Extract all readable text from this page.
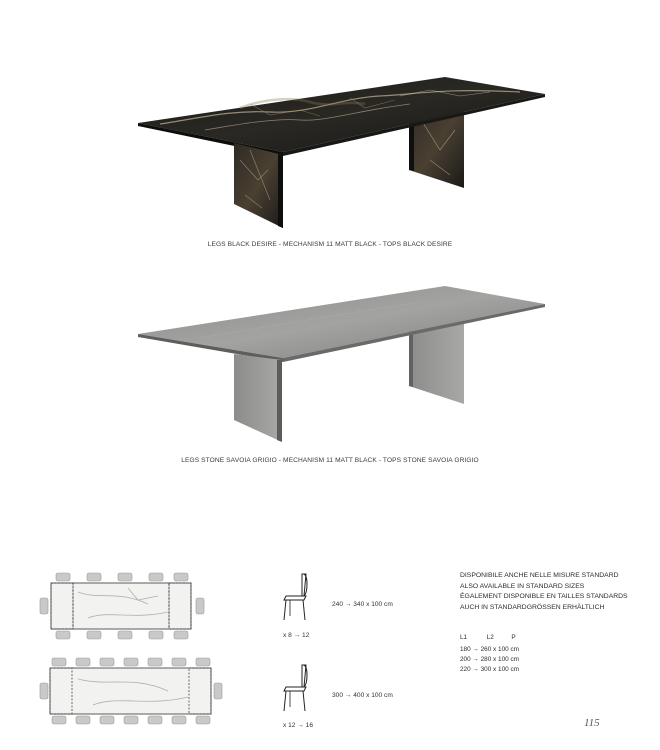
LEGS BLACK DESIRE - MECHANISM 11 MATT BLACK - TOPS BLACK DESIRE
LEGS STONE SAVOIA GRIGIO - MECHANISM 11 MATT BLACK - TOPS STONE SAVOIA GRIGIO
x 8 → 12
240 → 340 x 100 cm
x 12 → 16
300 → 400 x 100 cm
DISPONIBILE ANCHE NELLE MISURE STANDARD
ALSO AVAILABLE IN STANDARD SIZES
ÉGALEMENT DISPONIBLE EN TAILLES STANDARDS
AUCH IN STANDARDGRÖSSEN ERHÄLTLICH
L1	L2	P
180 → 260 x 100 cm
200 → 280 x 100 cm
220 → 300 x 100 cm
115
